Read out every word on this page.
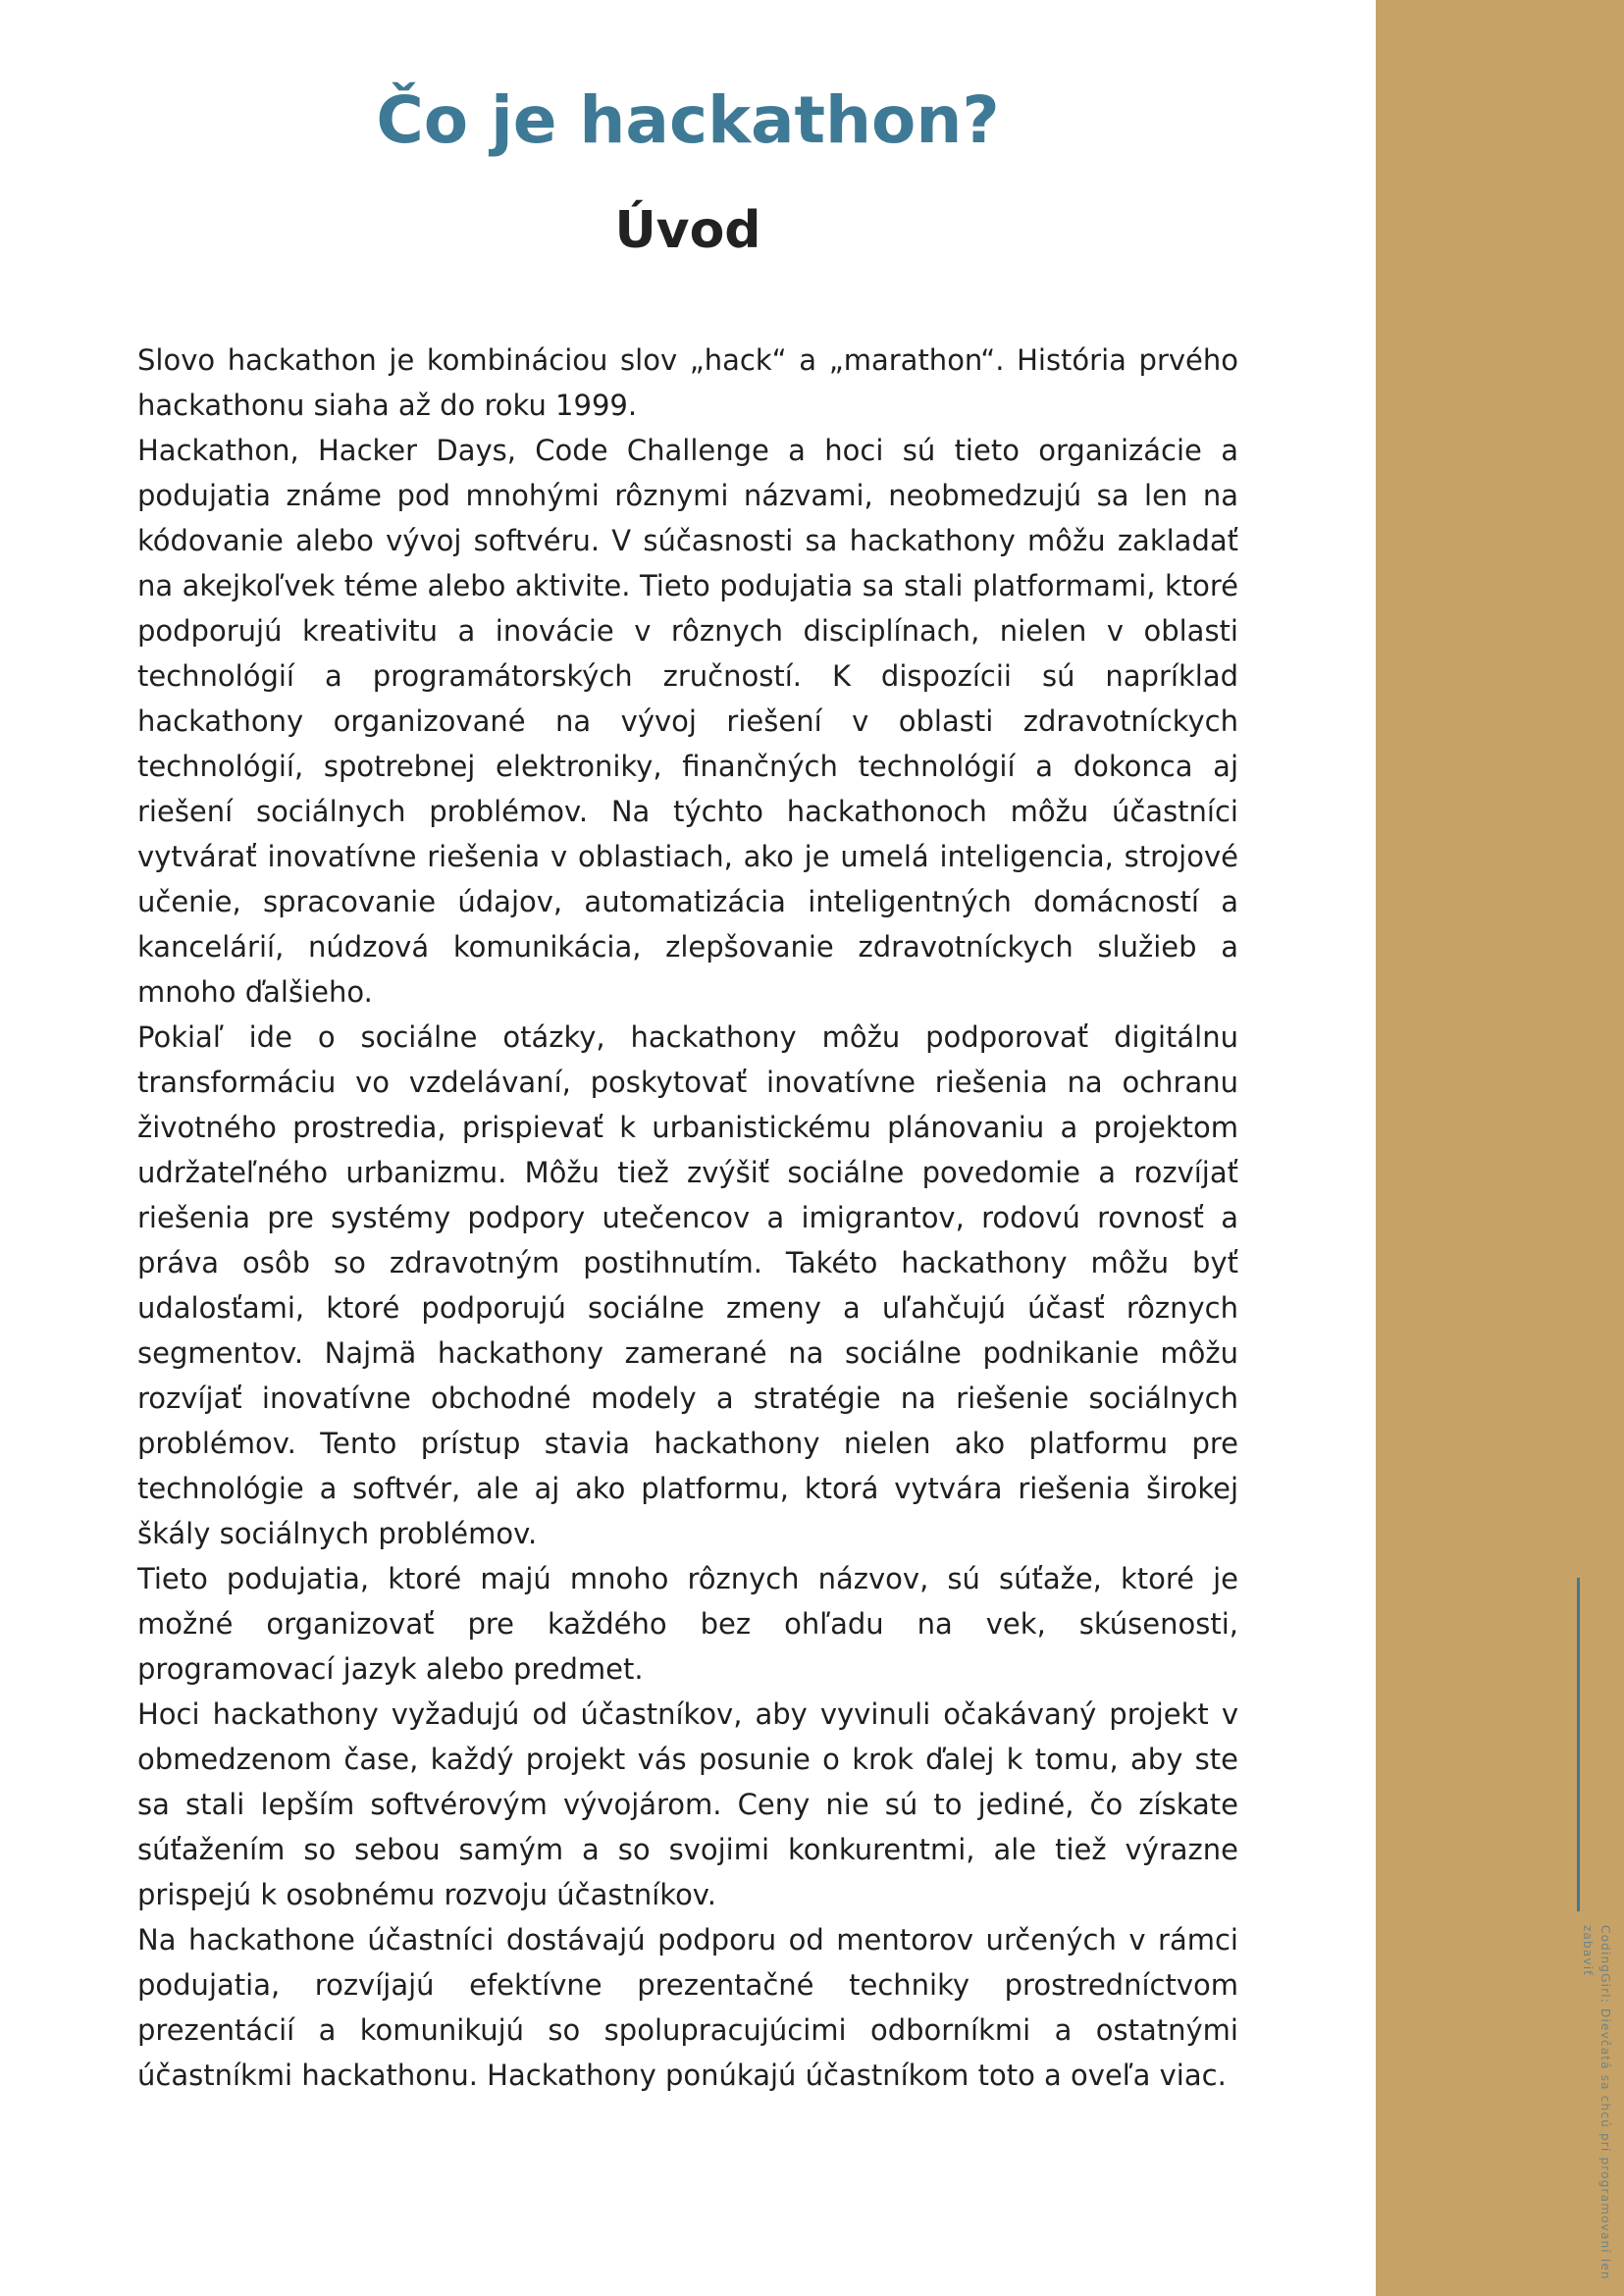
CodingGirl: Dievčatá sa chcú pri programovaní len zabaviť
Čo je hackathon?
Úvod

Slovo hackathon je kombináciou slov „hack“ a „marathon“. História prvého hackathonu siaha až do roku 1999.

Hackathon, Hacker Days, Code Challenge a hoci sú tieto organizácie a podujatia známe pod mnohými rôznymi názvami, neobmedzujú sa len na kódovanie alebo vývoj softvéru. V súčasnosti sa hackathony môžu zakladať na akejkoľvek téme alebo aktivite. Tieto podujatia sa stali platformami, ktoré podporujú kreativitu a inovácie v rôznych disciplínach, nielen v oblasti technológií a programátorských zručností. K dispozícii sú napríklad hackathony organizované na vývoj riešení v oblasti zdravotníckych technológií, spotrebnej elektroniky, finančných technológií a dokonca aj riešení sociálnych problémov. Na týchto hackathonoch môžu účastníci vytvárať inovatívne riešenia v oblastiach, ako je umelá inteligencia, strojové učenie, spracovanie údajov, automatizácia inteligentných domácností a kancelárií, núdzová komunikácia, zlepšovanie zdravotníckych služieb a mnoho ďalšieho.

Pokiaľ ide o sociálne otázky, hackathony môžu podporovať digitálnu transformáciu vo vzdelávaní, poskytovať inovatívne riešenia na ochranu životného prostredia, prispievať k urbanistickému plánovaniu a projektom udržateľného urbanizmu. Môžu tiež zvýšiť sociálne povedomie a rozvíjať riešenia pre systémy podpory utečencov a imigrantov, rodovú rovnosť a práva osôb so zdravotným postihnutím. Takéto hackathony môžu byť udalosťami, ktoré podporujú sociálne zmeny a uľahčujú účasť rôznych segmentov. Najmä hackathony zamerané na sociálne podnikanie môžu rozvíjať inovatívne obchodné modely a stratégie na riešenie sociálnych problémov. Tento prístup stavia hackathony nielen ako platformu pre technológie a softvér, ale aj ako platformu, ktorá vytvára riešenia širokej škály sociálnych problémov.

Tieto podujatia, ktoré majú mnoho rôznych názvov, sú súťaže, ktoré je možné organizovať pre každého bez ohľadu na vek, skúsenosti, programovací jazyk alebo predmet.

Hoci hackathony vyžadujú od účastníkov, aby vyvinuli očakávaný projekt v obmedzenom čase, každý projekt vás posunie o krok ďalej k tomu, aby ste sa stali lepším softvérovým vývojárom. Ceny nie sú to jediné, čo získate súťažením so sebou samým a so svojimi konkurentmi, ale tiež výrazne prispejú k osobnému rozvoju účastníkov.

Na hackathone účastníci dostávajú podporu od mentorov určených v rámci podujatia, rozvíjajú efektívne prezentačné techniky prostredníctvom prezentácií a komunikujú so spolupracujúcimi odborníkmi a ostatnými účastníkmi hackathonu. Hackathony ponúkajú účastníkom toto a oveľa viac.
